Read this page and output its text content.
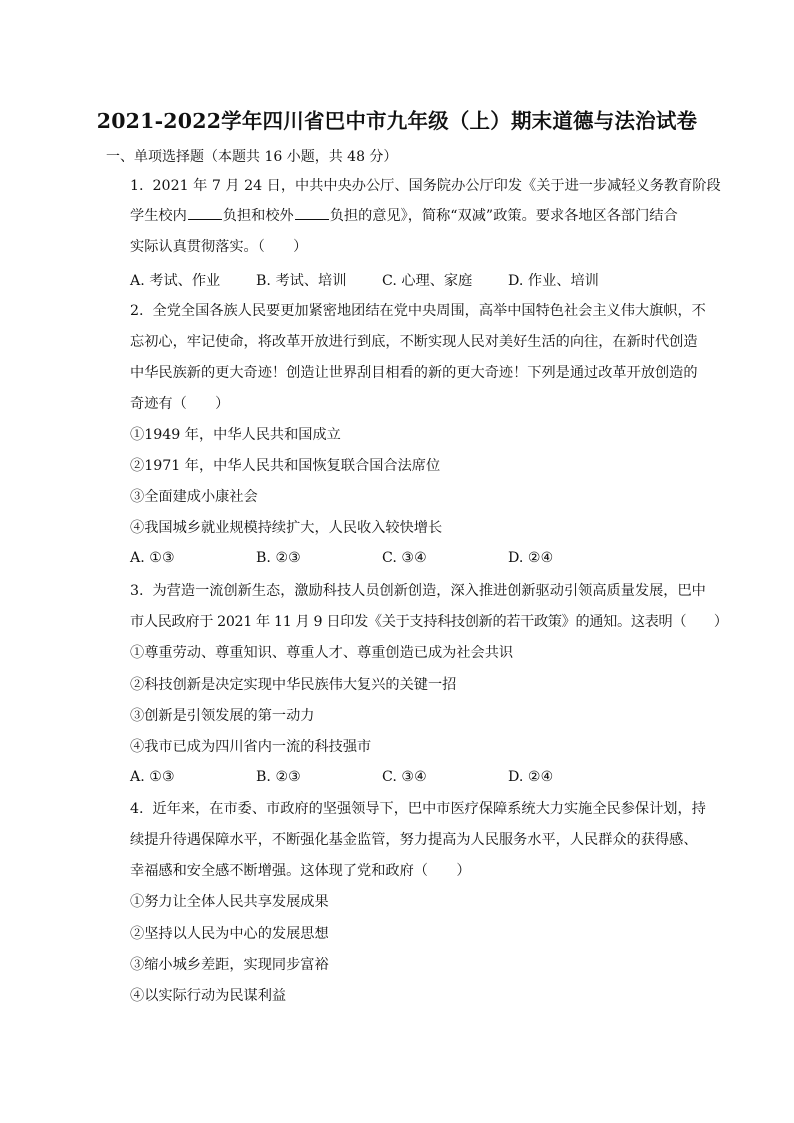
2021-2022学年四川省巴中市九年级（上）期末道德与法治试卷
一、单项选择题（本题共 16 小题，共 48 分）
1. 2021 年 7 月 24 日，中共中央办公厅、国务院办公厅印发《关于进一步减轻义务教育阶段
学生校内	负担和校外	负担的意见》，简称“双减”政策。要求各地区各部门结合
实际认真贯彻落实。（　　）
A. 考试、作业	B. 考试、培训	C. 心理、家庭	D. 作业、培训
2. 全党全国各族人民要更加紧密地团结在党中央周围，高举中国特色社会主义伟大旗帜，不
忘初心，牢记使命，将改革开放进行到底，不断实现人民对美好生活的向往，在新时代创造
中华民族新的更大奇迹！创造让世界刮目相看的新的更大奇迹！下列是通过改革开放创造的
奇迹有（　　）
①1949 年，中华人民共和国成立
②1971 年，中华人民共和国恢复联合国合法席位
③全面建成小康社会
④我国城乡就业规模持续扩大，人民收入较快增长
A. ①③	B. ②③	C. ③④	D. ②④
3. 为营造一流创新生态，激励科技人员创新创造，深入推进创新驱动引领高质量发展，巴中
市人民政府于 2021 年 11 月 9 日印发《关于支持科技创新的若干政策》的通知。这表明（　　）
①尊重劳动、尊重知识、尊重人才、尊重创造已成为社会共识
②科技创新是决定实现中华民族伟大复兴的关键一招
③创新是引领发展的第一动力
④我市已成为四川省内一流的科技强市
A. ①③	B. ②③	C. ③④	D. ②④
4. 近年来，在市委、市政府的坚强领导下，巴中市医疗保障系统大力实施全民参保计划，持
续提升待遇保障水平，不断强化基金监管，努力提高为人民服务水平，人民群众的获得感、
幸福感和安全感不断增强。这体现了党和政府（　　）
①努力让全体人民共享发展成果
②坚持以人民为中心的发展思想
③缩小城乡差距，实现同步富裕
④以实际行动为民谋利益
